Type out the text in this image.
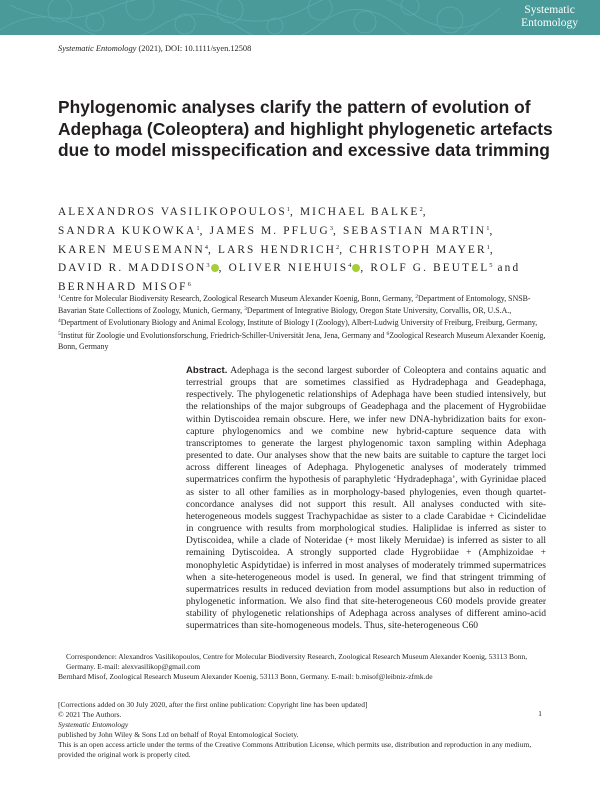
Systematic
Entomology
Systematic Entomology (2021), DOI: 10.1111/syen.12508
Phylogenomic analyses clarify the pattern of evolution of Adephaga (Coleoptera) and highlight phylogenetic artefacts due to model misspecification and excessive data trimming

ALEXANDROS VASILIKOPOULOS$^1$, MICHAEL BALKE$^2$, SANDRA KUKOWKA$^1$, JAMES M. PFLUG$^3$, SEBASTIAN MARTIN$^1$, KAREN MEUSEMANN$^4$, LARS HENDRICH$^2$, CHRISTOPH MAYER$^1$, DAVID R. MADDISON$^3$ , OLIVER NIEHUIS$^4$ , ROLF G. BEUTEL$^5$ and BERNHARD MISOF$^6$

$^1$Centre for Molecular Biodiversity Research, Zoological Research Museum Alexander Koenig, Bonn, Germany, $^2$Department of Entomology, SNSB-Bavarian State Collections of Zoology, Munich, Germany, $^3$Department of Integrative Biology, Oregon State University, Corvallis, OR, U.S.A., $^4$Department of Evolutionary Biology and Animal Ecology, Institute of Biology I (Zoology), Albert-Ludwig University of Freiburg, Freiburg, Germany, $^5$Institut für Zoologie und Evolutionsforschung, Friedrich-Schiller-Universität Jena, Jena, Germany and $^6$Zoological Research Museum Alexander Koenig, Bonn, Germany

Abstract. Adephaga is the second largest suborder of Coleoptera and contains aquatic and terrestrial groups that are sometimes classified as Hydradephaga and Geadephaga, respectively. The phylogenetic relationships of Adephaga have been studied intensively, but the relationships of the major subgroups of Geadephaga and the placement of Hygrobiidae within Dytiscoidea remain obscure. Here, we infer new DNA-hybridization baits for exon-capture phylogenomics and we combine new hybrid-capture sequence data with transcriptomes to generate the largest phylogenomic taxon sampling within Adephaga presented to date. Our analyses show that the new baits are suitable to capture the target loci across different lineages of Adephaga. Phylogenetic analyses of moderately trimmed supermatrices confirm the hypothesis of paraphyletic ‘Hydradephaga’, with Gyrinidae placed as sister to all other families as in morphology-based phylogenies, even though quartet-concordance analyses did not support this result. All analyses conducted with site-heterogeneous models suggest Trachypachidae as sister to a clade Carabidae + Cicindelidae in congruence with results from morphological studies. Haliplidae is inferred as sister to Dytiscoidea, while a clade of Noteridae (+ most likely Meruidae) is inferred as sister to all remaining Dytiscoidea. A strongly supported clade Hygrobiidae + (Amphizoidae + monophyletic Aspidytidae) is inferred in most analyses of moderately trimmed supermatrices when a site-heterogeneous model is used. In general, we find that stringent trimming of supermatrices results in reduced deviation from model assumptions but also in reduction of phylogenetic information. We also find that site-heterogeneous C60 models provide greater stability of phylogenetic relationships of Adephaga across analyses of different amino-acid supermatrices than site-homogeneous models. Thus, site-heterogeneous C60

Correspondence: Alexandros Vasilikopoulos, Centre for Molecular Biodiversity Research, Zoological Research Museum Alexander Koenig, 53113 Bonn, Germany. E-mail: alexvasilikop@gmail.com
Bernhard Misof, Zoological Research Museum Alexander Koenig, 53113 Bonn, Germany. E-mail: b.misof@leibniz-zfmk.de
[Corrections added on 30 July 2020, after the first online publication: Copyright line has been updated]
© 2021 The Authors.
Systematic Entomology
published by John Wiley & Sons Ltd on behalf of Royal Entomological Society.
This is an open access article under the terms of the Creative Commons Attribution License, which permits use, distribution and reproduction in any medium, provided the original work is properly cited.
1
